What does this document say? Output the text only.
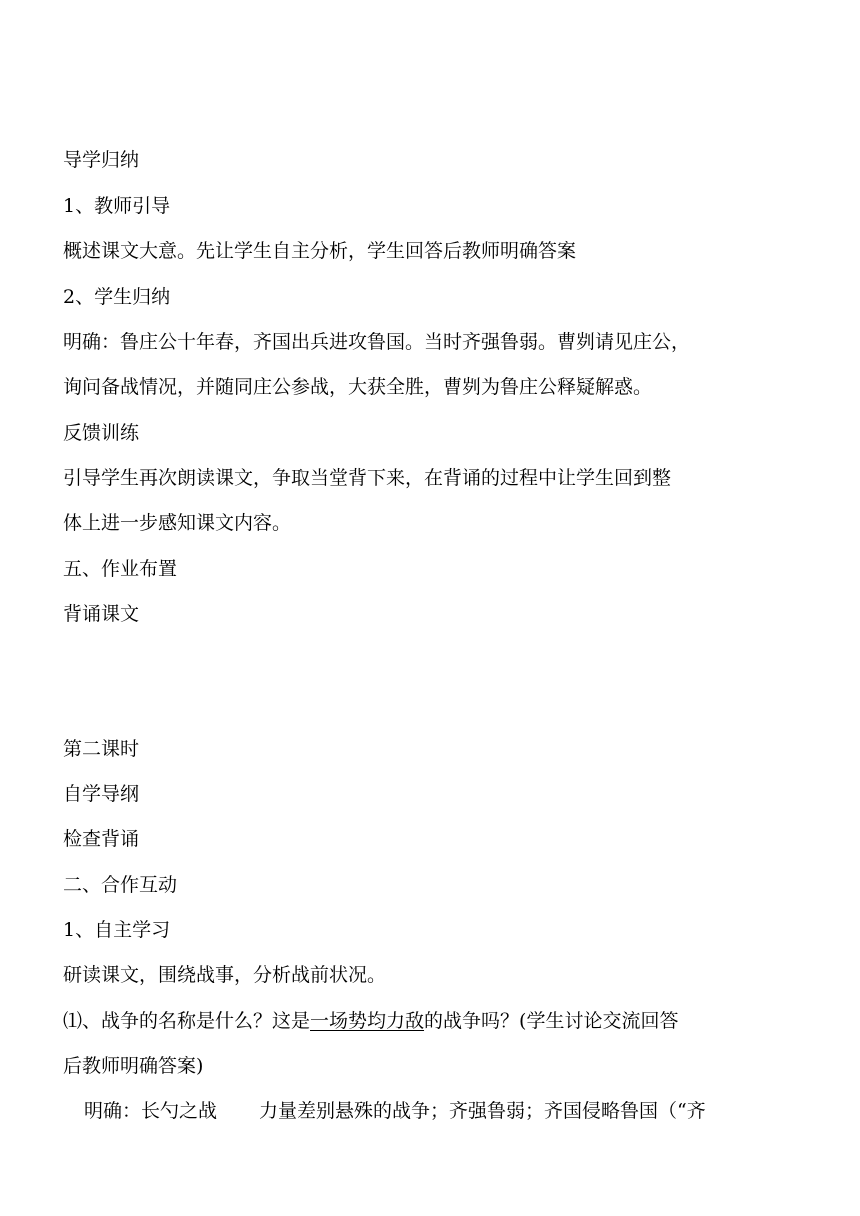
导学归纳
1、教师引导
概述课文大意。先让学生自主分析，学生回答后教师明确答案
2、学生归纳
明确：鲁庄公十年春，齐国出兵进攻鲁国。当时齐强鲁弱。曹刿请见庄公，
询问备战情况，并随同庄公参战，大获全胜，曹刿为鲁庄公释疑解惑。
反馈训练
引导学生再次朗读课文，争取当堂背下来，在背诵的过程中让学生回到整
体上进一步感知课文内容。
五、作业布置
背诵课文
第二课时
自学导纲
检查背诵
二、合作互动
1、自主学习
研读课文，围绕战事，分析战前状况。
⑴、战争的名称是什么？这是一场势均力敌的战争吗？(学生讨论交流回答
后教师明确答案)
明确：长勺之战 力量差别悬殊的战争；齐强鲁弱；齐国侵略鲁国（“齐
